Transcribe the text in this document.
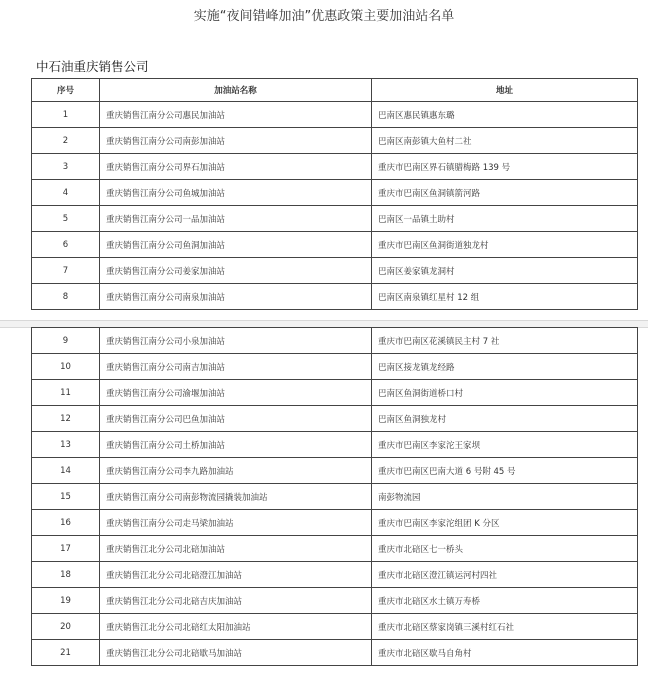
实施“夜间错峰加油”优惠政策主要加油站名单
中石油重庆销售公司
序号	加油站名称	地址
1	重庆销售江南分公司惠民加油站	巴南区惠民镇惠东璐
2	重庆销售江南分公司南彭加油站	巴南区南彭镇大鱼村二社
3	重庆销售江南分公司界石加油站	重庆市巴南区界石镇腊梅路 139 号
4	重庆销售江南分公司鱼城加油站	重庆市巴南区鱼洞镇箭河路
5	重庆销售江南分公司一品加油站	巴南区一品镇土助村
6	重庆销售江南分公司鱼洞加油站	重庆市巴南区鱼洞街道独龙村
7	重庆销售江南分公司姜家加油站	巴南区姜家镇龙洞村
8	重庆销售江南分公司南泉加油站	巴南区南泉镇红星村 12 组
9	重庆销售江南分公司小泉加油站	重庆市巴南区花溪镇民主村 7 社
10	重庆销售江南分公司南吉加油站	巴南区接龙镇龙经路
11	重庆销售江南分公司渝堰加油站	巴南区鱼洞街道桥口村
12	重庆销售江南分公司巴鱼加油站	巴南区鱼洞独龙村
13	重庆销售江南分公司土桥加油站	重庆市巴南区李家沱王家坝
14	重庆销售江南分公司李九路加油站	重庆市巴南区巴南大道 6 号附 45 号
15	重庆销售江南分公司南彭物流园撬装加油站	南彭物流园
16	重庆销售江南分公司走马梁加油站	重庆市巴南区李家沱组团 K 分区
17	重庆销售江北分公司北碚加油站	重庆市北碚区七一桥头
18	重庆销售江北分公司北碚澄江加油站	重庆市北碚区澄江镇运河村四社
19	重庆销售江北分公司北碚吉庆加油站	重庆市北碚区水土镇万寿桥
20	重庆销售江北分公司北碚红太阳加油站	重庆市北碚区蔡家岗镇三溪村红石社
21	重庆销售江北分公司北碚歇马加油站	重庆市北碚区歇马自角村
